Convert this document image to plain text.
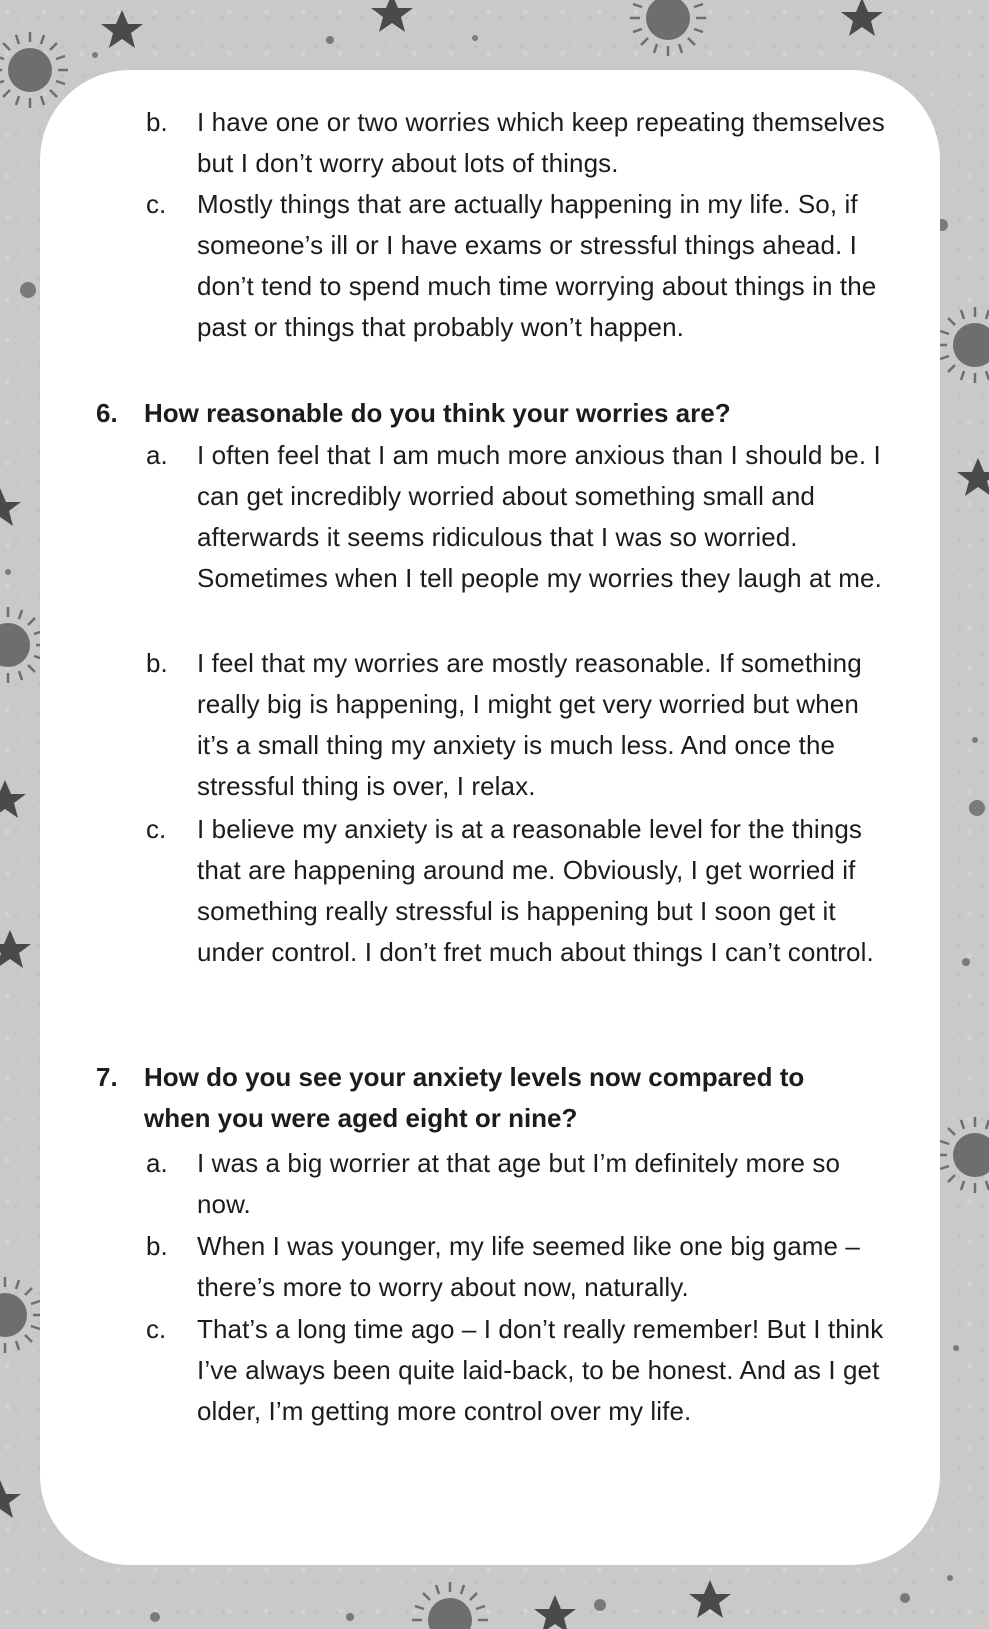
b. I have one or two worries which keep repeating themselves but I don’t worry about lots of things.
c. Mostly things that are actually happening in my life. So, if someone’s ill or I have exams or stressful things ahead. I don’t tend to spend much time worrying about things in the past or things that probably won’t happen.
6. How reasonable do you think your worries are?
a. I often feel that I am much more anxious than I should be. I can get incredibly worried about something small and afterwards it seems ridiculous that I was so worried. Sometimes when I tell people my worries they laugh at me.
b. I feel that my worries are mostly reasonable. If something really big is happening, I might get very worried but when it’s a small thing my anxiety is much less. And once the stressful thing is over, I relax.
c. I believe my anxiety is at a reasonable level for the things that are happening around me. Obviously, I get worried if something really stressful is happening but I soon get it under control. I don’t fret much about things I can’t control.
7. How do you see your anxiety levels now compared to when you were aged eight or nine?
a. I was a big worrier at that age but I’m definitely more so now.
b. When I was younger, my life seemed like one big game – there’s more to worry about now, naturally.
c. That’s a long time ago – I don’t really remember! But I think I’ve always been quite laid-back, to be honest. And as I get older, I’m getting more control over my life.
